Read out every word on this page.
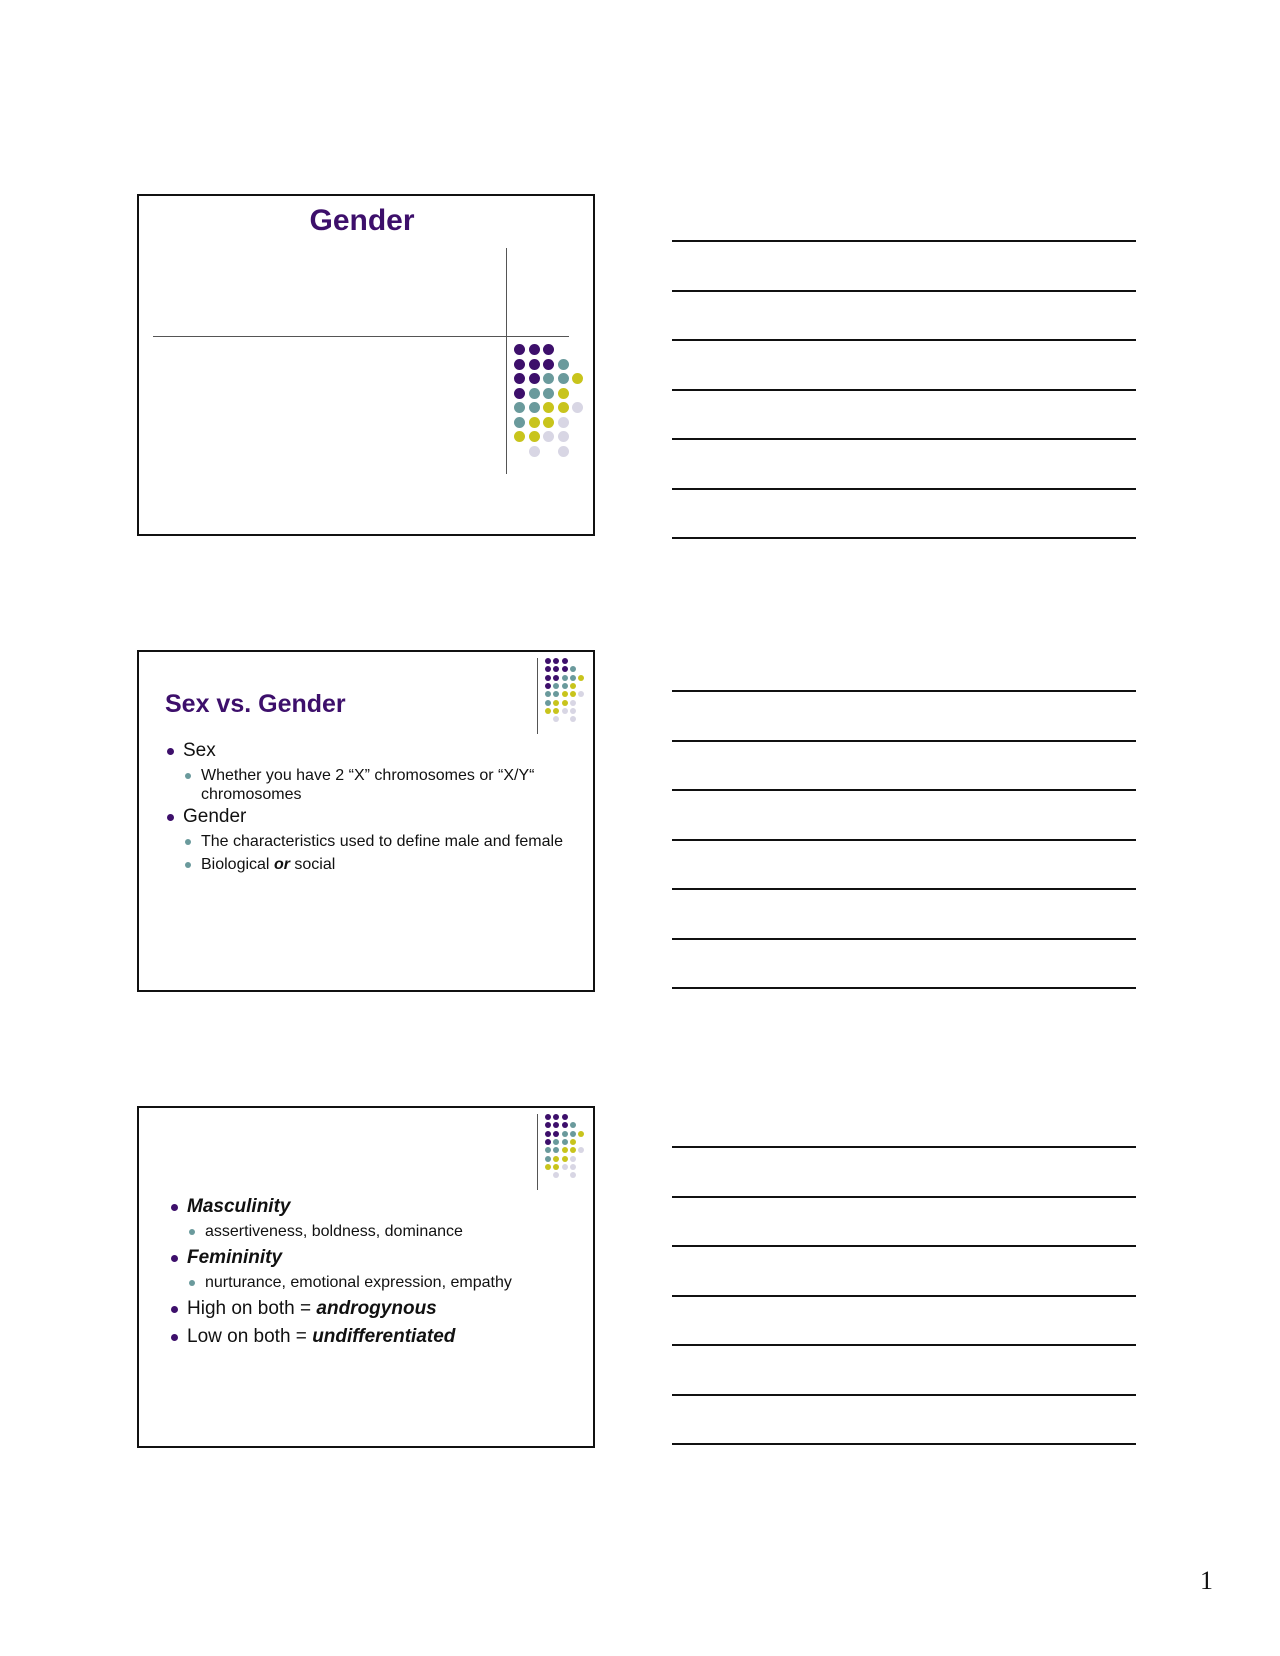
Gender
Sex vs. Gender
Sex
Whether you have 2 “X” chromosomes or “X/Y“ chromosomes
Gender
The characteristics used to define male and female
Biological or social
Masculinity
assertiveness, boldness, dominance
Femininity
nurturance, emotional expression, empathy
High on both = androgynous
Low on both = undifferentiated
1
